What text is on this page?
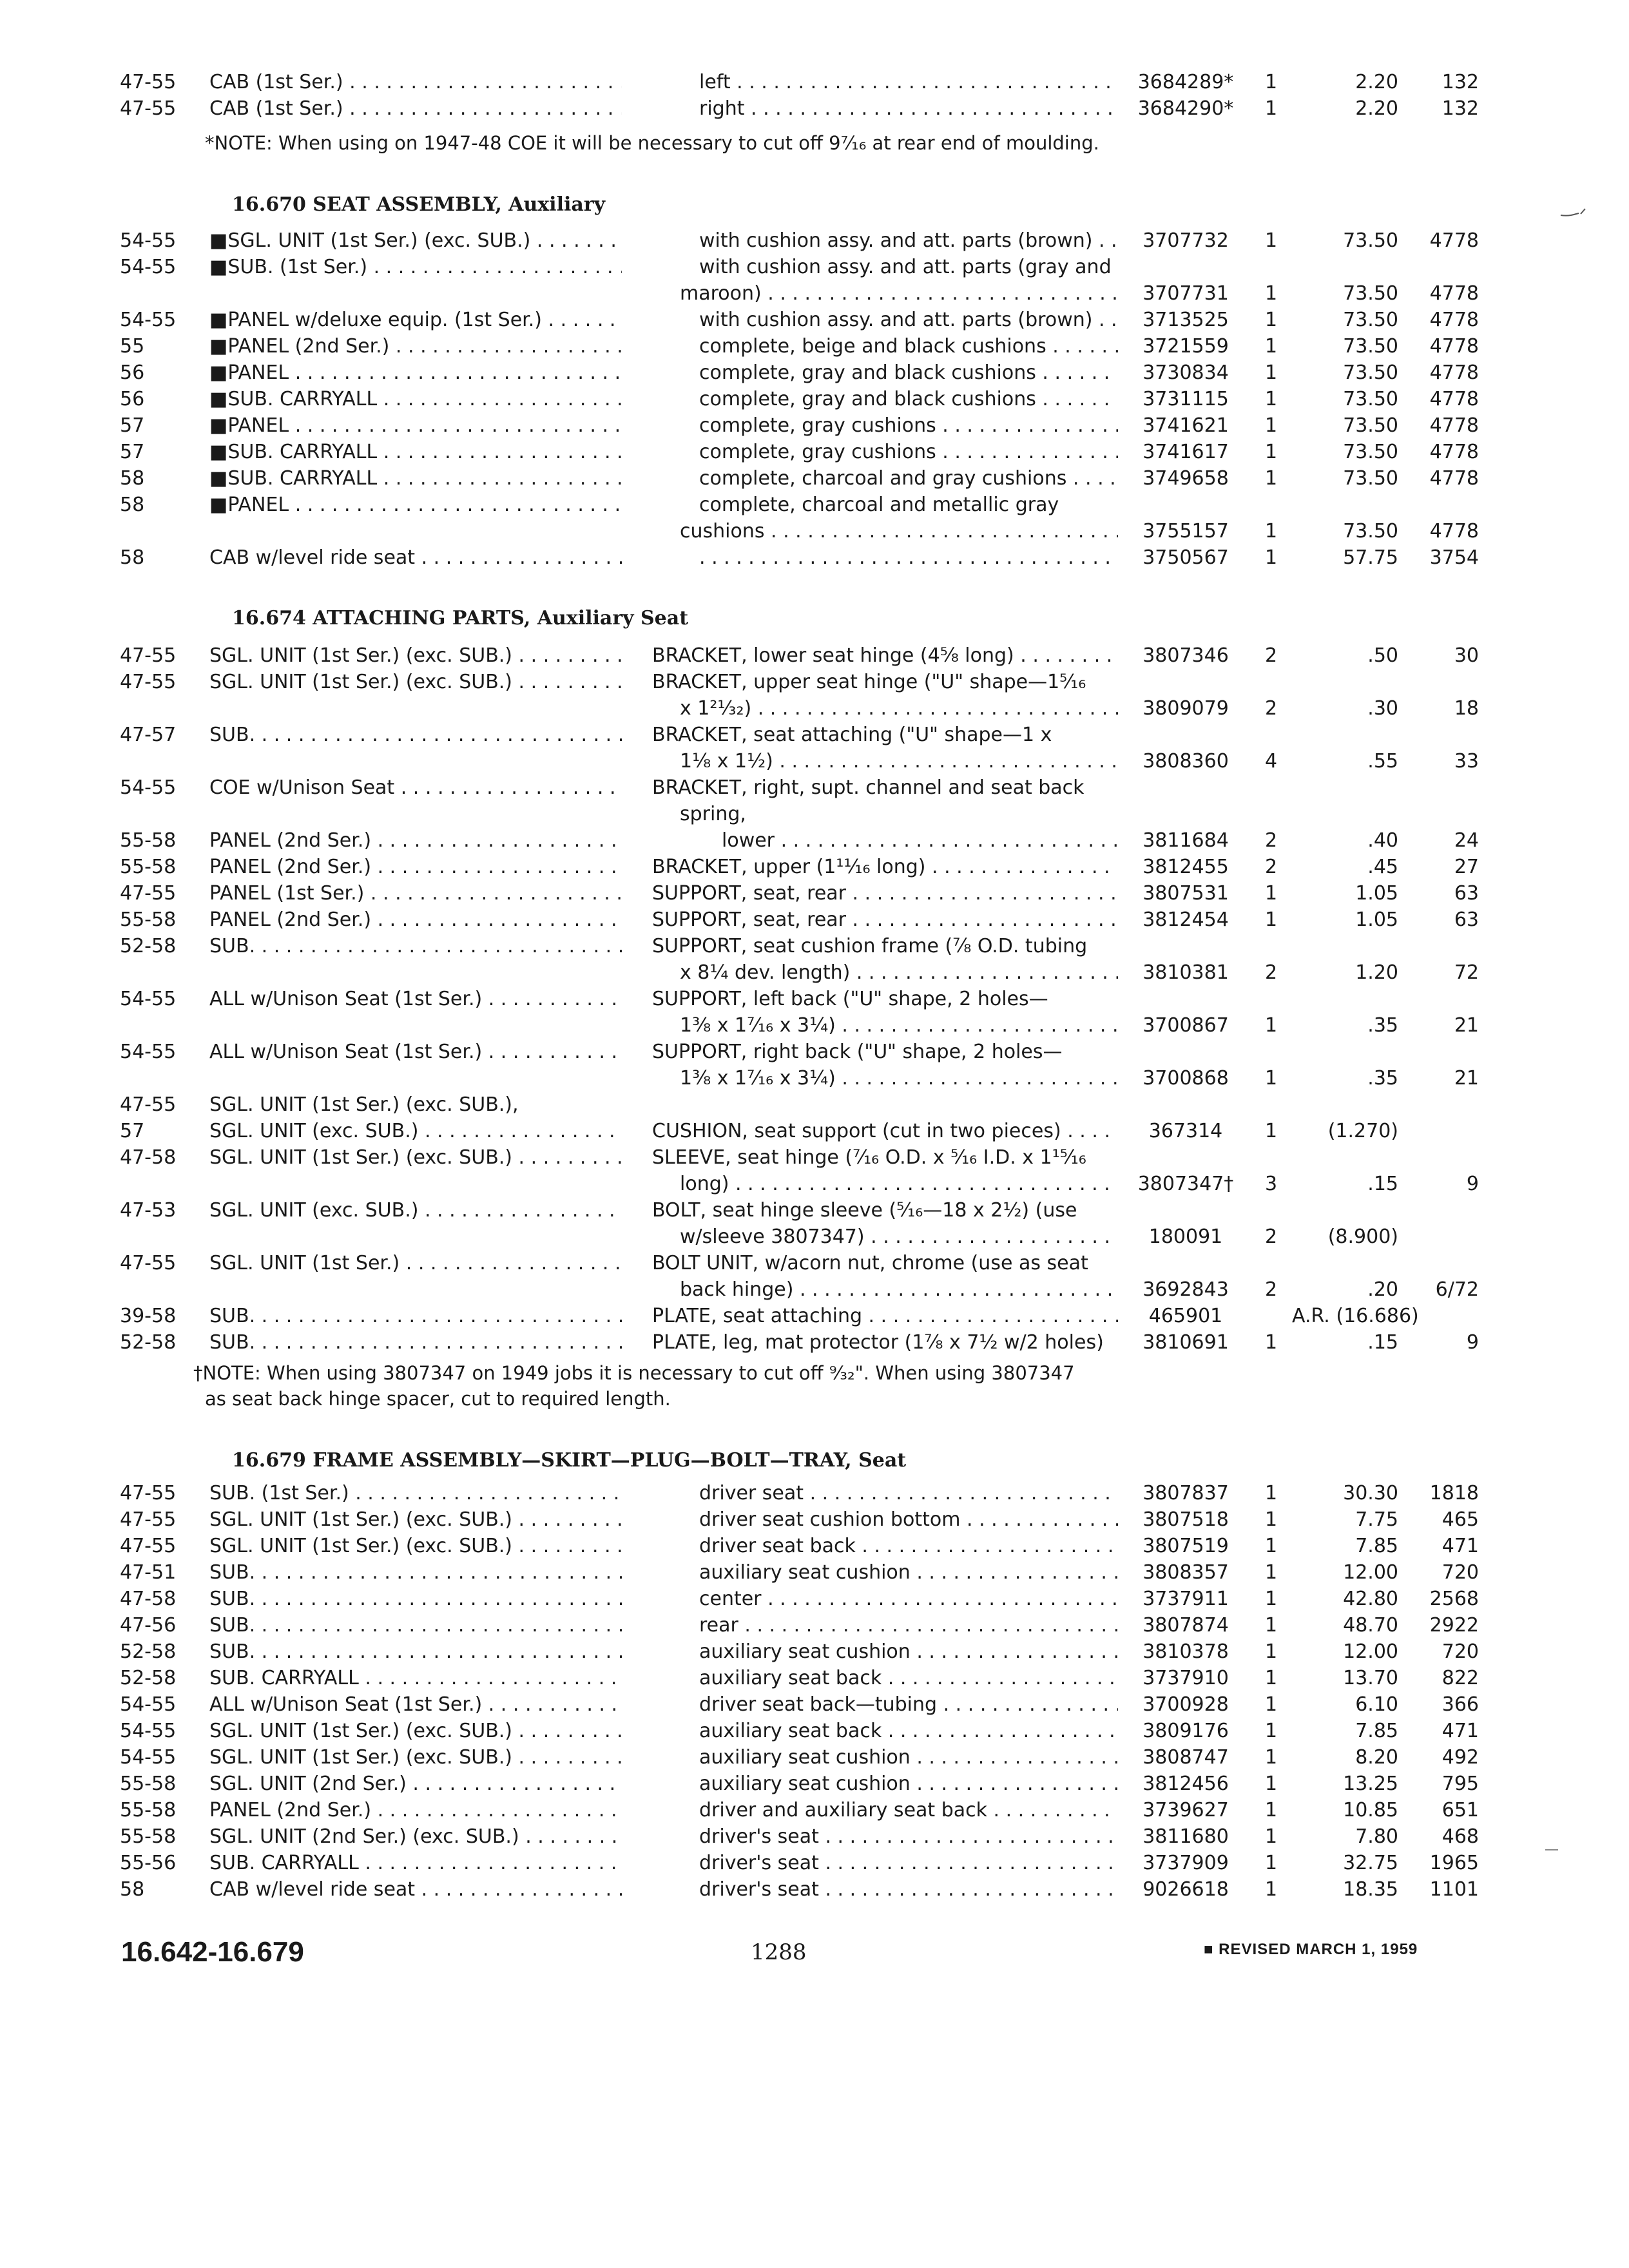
47-55 CAB (1st Ser.) . . .	left . . .	3684289*	1	2.20	132
47-55 CAB (1st Ser.) . . .	right . . .	3684290*	1	2.20	132
*NOTE: When using on 1947-48 COE it will be necessary to cut off 9⁷⁄₁₆ at rear end of moulding.
16.670 SEAT ASSEMBLY, Auxiliary
54-55 ■SGL. UNIT (1st Ser.) (exc. SUB.) . . .	with cushion assy. and att. parts (brown) . . .	3707732	1	73.50	4778
54-55 ■SUB. (1st Ser.) . . .	with cushion assy. and att. parts (gray and
maroon) . . .	3707731	1	73.50	4778
54-55 ■PANEL w/deluxe equip. (1st Ser.) . . .	with cushion assy. and att. parts (brown) . . .	3713525	1	73.50	4778
55	■PANEL (2nd Ser.) . . .	complete, beige and black cushions . . .	3721559	1	73.50	4778
56	■PANEL . . .	complete, gray and black cushions . . .	3730834	1	73.50	4778
56	■SUB. CARRYALL . . .	complete, gray and black cushions . . .	3731115	1	73.50	4778
57	■PANEL . . .	complete, gray cushions . . .	3741621	1	73.50	4778
57	■SUB. CARRYALL . . .	complete, gray cushions . . .	3741617	1	73.50	4778
58	■SUB. CARRYALL . . .	complete, charcoal and gray cushions . . .	3749658	1	73.50	4778
58	■PANEL . . .	complete, charcoal and metallic gray
cushions . . .	3755157	1	73.50	4778
58	CAB w/level ride seat . . .
. . .	3750567	1	57.75	3754
16.674 ATTACHING PARTS, Auxiliary Seat
47-55 SGL. UNIT (1st Ser.) (exc. SUB.) . . .	BRACKET, lower seat hinge (4⅝ long) . . .	3807346	2	.50	30
47-55 SGL. UNIT (1st Ser.) (exc. SUB.) . . .	BRACKET, upper seat hinge ("U" shape—1⁵⁄₁₆
x 1²¹⁄₃₂) . . .	3809079	2	.30	18
47-57 SUB. . . .	BRACKET, seat attaching ("U" shape—1 x
1⅛ x 1½) . . .	3808360	4	.55	33
54-55 COE w/Unison Seat . . .	BRACKET, right, supt. channel and seat back
spring,
55-58 PANEL (2nd Ser.) . . .	lower . . .	3811684	2	.40	24
55-58 PANEL (2nd Ser.) . . .	BRACKET, upper (1¹¹⁄₁₆ long) . . .	3812455	2	.45	27
47-55 PANEL (1st Ser.) . . .	SUPPORT, seat, rear . . .	3807531	1	1.05	63
55-58 PANEL (2nd Ser.) . . .	SUPPORT, seat, rear . . .	3812454	1	1.05	63
52-58 SUB. . . .	SUPPORT, seat cushion frame (⅞ O.D. tubing
x 8¼ dev. length) . . .	3810381	2	1.20	72
54-55 ALL w/Unison Seat (1st Ser.) . . .	SUPPORT, left back ("U" shape, 2 holes—
1⅜ x 1⁷⁄₁₆ x 3¼) . . .	3700867	1	.35	21
54-55 ALL w/Unison Seat (1st Ser.) . . .	SUPPORT, right back ("U" shape, 2 holes—
1⅜ x 1⁷⁄₁₆ x 3¼) . . .	3700868	1	.35	21
47-55 SGL. UNIT (1st Ser.) (exc. SUB.),
57	SGL. UNIT (exc. SUB.) . . .	CUSHION, seat support (cut in two pieces) . . .	367314	1	(1.270)
47-58 SGL. UNIT (1st Ser.) (exc. SUB.) . . .	SLEEVE, seat hinge (⁷⁄₁₆ O.D. x ⁵⁄₁₆ I.D. x 1¹⁵⁄₁₆
long) . . .	3807347†	3	.15	9
47-53 SGL. UNIT (exc. SUB.) . . .	BOLT, seat hinge sleeve (⁵⁄₁₆—18 x 2½) (use
w/sleeve 3807347) . . .	180091	2	(8.900)
47-55 SGL. UNIT (1st Ser.) . . .	BOLT UNIT, w/acorn nut, chrome (use as seat
back hinge) . . .	3692843	2	.20	6/72
39-58 SUB. . . .	PLATE, seat attaching . . .	465901	A.R. (16.686)
52-58 SUB. . . .	PLATE, leg, mat protector (1⅞ x 7½ w/2 holes)	3810691	1	.15	9
†NOTE: When using 3807347 on 1949 jobs it is necessary to cut off ⁹⁄₃₂". When using 3807347
as seat back hinge spacer, cut to required length.
16.679 FRAME ASSEMBLY—SKIRT—PLUG—BOLT—TRAY, Seat
47-55 SUB. (1st Ser.) . . .	driver seat . . .	3807837	1	30.30	1818
47-55 SGL. UNIT (1st Ser.) (exc. SUB.) . . .	driver seat cushion bottom . . .	3807518	1	7.75	465
47-55 SGL. UNIT (1st Ser.) (exc. SUB.) . . .	driver seat back . . .	3807519	1	7.85	471
47-51 SUB. . . .	auxiliary seat cushion . . .	3808357	1	12.00	720
47-58 SUB. . . .	center . . .	3737911	1	42.80	2568
47-56 SUB. . . .	rear . . .	3807874	1	48.70	2922
52-58 SUB. . . .	auxiliary seat cushion . . .	3810378	1	12.00	720
52-58 SUB. CARRYALL . . .	auxiliary seat back . . .	3737910	1	13.70	822
54-55 ALL w/Unison Seat (1st Ser.) . . .	driver seat back—tubing . . .	3700928	1	6.10	366
54-55 SGL. UNIT (1st Ser.) (exc. SUB.) . . .	auxiliary seat back . . .	3809176	1	7.85	471
54-55 SGL. UNIT (1st Ser.) (exc. SUB.) . . .	auxiliary seat cushion . . .	3808747	1	8.20	492
55-58 SGL. UNIT (2nd Ser.) . . .	auxiliary seat cushion . . .	3812456	1	13.25	795
55-58 PANEL (2nd Ser.) . . .	driver and auxiliary seat back . . .	3739627	1	10.85	651
55-58 SGL. UNIT (2nd Ser.) (exc. SUB.) . . .	driver's seat . . .	3811680	1	7.80	468
55-56 SUB. CARRYALL . . .	driver's seat . . .	3737909	1	32.75	1965
58	CAB w/level ride seat . . .	driver's seat . . .	9026618	1	18.35	1101
16.642-16.679	1288	■ REVISED MARCH 1, 1959
